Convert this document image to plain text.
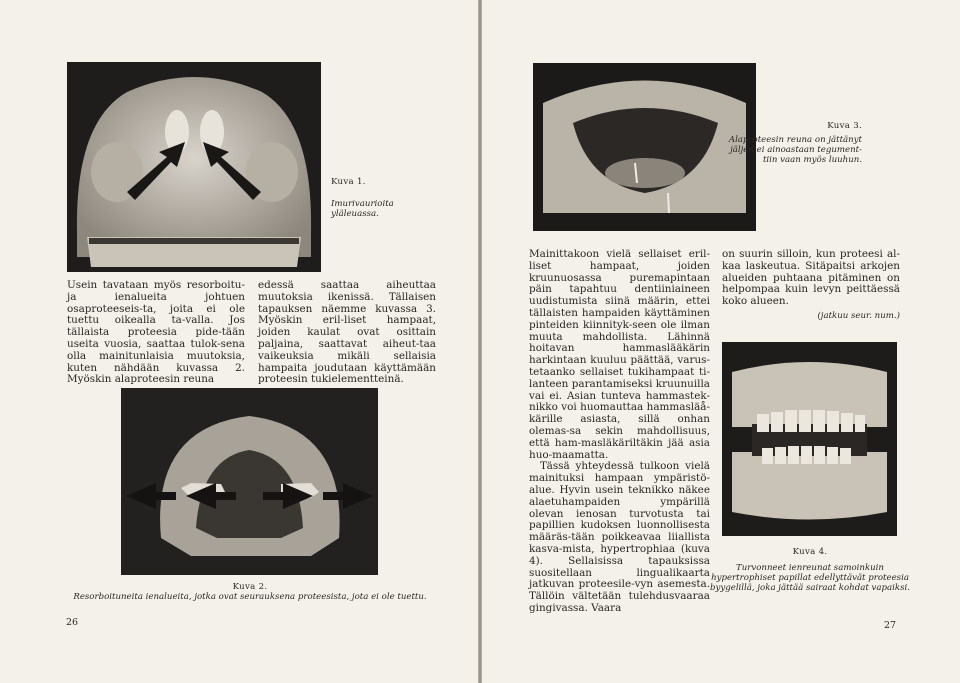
Kuva 1.
Imurivaurioita yläleuassa.

Usein tavataan myös resorboitu-ja ienalueita johtuen osaproteeseis-ta, joita ei ole tuettu oikealla ta-valla. Jos tällaista proteesia pide-tään useita vuosia, saattaa tulok-sena olla mainitunlaisia muutoksia, kuten nähdään kuvassa 2. Myöskin alaproteesin reuna

edessä saattaa aiheuttaa muutoksia ikenissä. Tällaisen tapauksen näemme kuvassa 3. Myöskin eril-liset hampaat, joiden kaulat ovat osittain paljaina, saattavat aiheut-taa vaikeuksia mikäli sellaisia hampaita joudutaan käyttämään proteesin tukielementteinä.

Kuva 2.
Resorboituneita ienalueita, jotka ovat seurauksena proteesista, jota ei ole tuettu.
26
Kuva 3.
Alaproteesin reuna on jättänyt jäljen ei ainoastaan tegument-tiin vaan myös luuhun.

Mainittakoon vielä sellaiset eril-liset hampaat, joiden kruunuosassa puremapintaan päin tapahtuu dentiiniaineen uudistumista siinä määrin, ettei tällaisten hampaiden käyttäminen pinteiden kiinnityk-seen ole ilman muuta mahdollista. Lähinnä hoitavan hammaslääkärin harkintaan kuuluu päättää, varus-tetaanko sellaiset tukihampaat ti-lanteen parantamiseksi kruunuilla vai ei. Asian tunteva hammastek-nikko voi huomauttaa hammasläå-kärille asiasta, sillä onhan olemas-sa sekin mahdollisuus, että ham-masläkäriltäkin jää asia huo-maamatta.

Tässä yhteydessä tulkoon vielä mainituksi hampaan ympäristö-alue. Hyvin usein teknikko näkee alaetuhampaiden ympärillä olevan ienosan turvotusta tai papillien kudoksen luonnollisesta määräs-tään poikkeavaa liiallista kasva-mista, hypertrophiaa (kuva 4). Sellaisissa tapauksissa suositellaan lingualikaarta jatkuvan proteesile-vyn asemesta. Tällöin vältetään tulehdusvaaraa gingivassa. Vaara

on suurin silloin, kun proteesi al-kaa laskeutua. Sitäpaitsi arkojen alueiden puhtaana pitäminen on helpompaa kuin levyn peittäessä koko alueen.

(jatkuu seur. num.)
Kuva 4.
Turvonneet ienreunat samoinkuin hypertrophiset papillat edellyttävät proteesia byygelillä, joka jättää sairaat kohdat vapaiksi.
27
